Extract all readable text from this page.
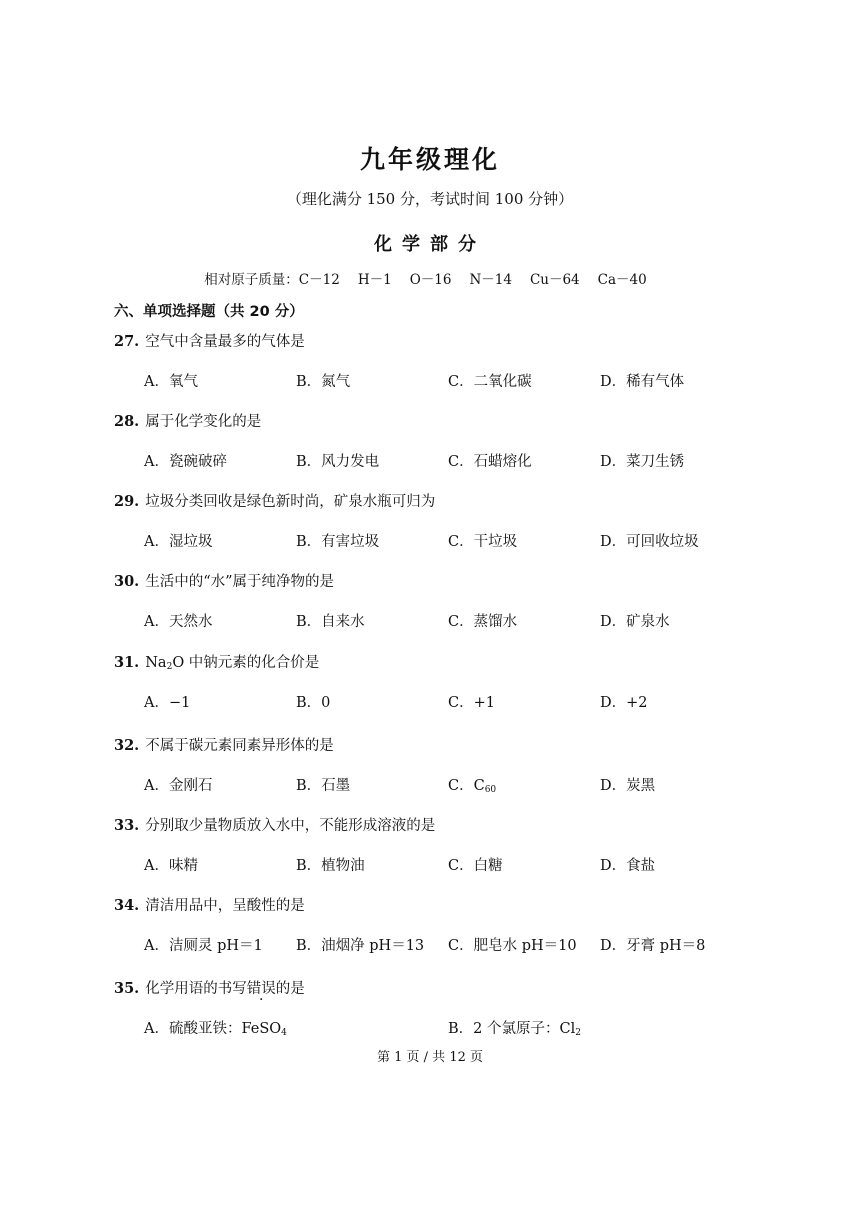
九年级理化
（理化满分 150 分，考试时间 100 分钟）
化学部分
相对原子质量：C－12 H－1 O－16 N－14 Cu－64 Ca－40
六、单项选择题（共 20 分）
27. 空气中含量最多的气体是
A．氧气	B．氮气	C．二氧化碳	D．稀有气体
28. 属于化学变化的是
A．瓷碗破碎	B．风力发电	C．石蜡熔化	D．菜刀生锈
29. 垃圾分类回收是绿色新时尚，矿泉水瓶可归为
A．湿垃圾	B．有害垃圾	C．干垃圾	D．可回收垃圾
30. 生活中的“水”属于纯净物的是
A．天然水	B．自来水	C．蒸馏水	D．矿泉水
31. $Na_2O$ 中钠元素的化合价是
A．−1	B．0	C．+1	D．+2
32. 不属于碳元素同素异形体的是
A．金刚石	B．石墨	C．$C_{60}$	D．炭黑
33. 分别取少量物质放入水中，不能形成溶液的是
A．味精	B．植物油	C．白糖	D．食盐
34. 清洁用品中，呈酸性的是
A．洁厕灵 pH＝1 B．油烟净 pH＝13 C．肥皂水 pH＝10 D．牙膏 pH＝8
35. 化学用语的书写错误的是
A．硫酸亚铁：FeSO$_4$	B．2 个氯原子：$Cl_2$
第 1 页 / 共 12 页
